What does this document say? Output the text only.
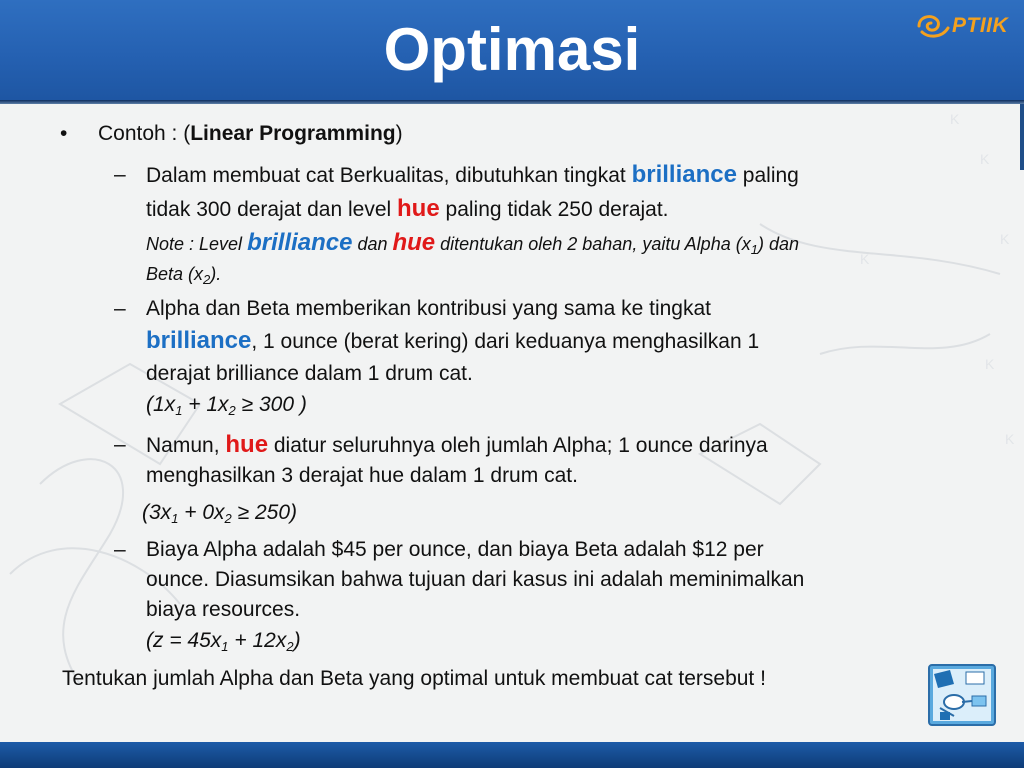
Optimasi	PTIIK
K
K
K
K
K
K
• Contoh : (Linear Programming)
– Dalam membuat cat Berkualitas, dibutuhkan tingkat brilliance paling
tidak 300 derajat dan level hue paling tidak 250 derajat.
Note : Level brilliance dan hue ditentukan oleh 2 bahan, yaitu Alpha $(x_1)$ dan
Beta $(x_2)$.
– Alpha dan Beta memberikan kontribusi yang sama ke tingkat
brilliance, 1 ounce (berat kering) dari keduanya menghasilkan 1
derajat brilliance dalam 1 drum cat.
($1x_1 + 1x_2 \ge 300$ )
– Namun, hue diatur seluruhnya oleh jumlah Alpha; 1 ounce darinya
menghasilkan 3 derajat hue dalam 1 drum cat.
$(3x_1 + 0x_2 \ge 250)$
– Biaya Alpha adalah $45 per ounce, dan biaya Beta adalah $12 per
ounce. Diasumsikan bahwa tujuan dari kasus ini adalah meminimalkan
biaya resources.
$(z = 45x_1 + 12x_2)$
Tentukan jumlah Alpha dan Beta yang optimal untuk membuat cat tersebut !
